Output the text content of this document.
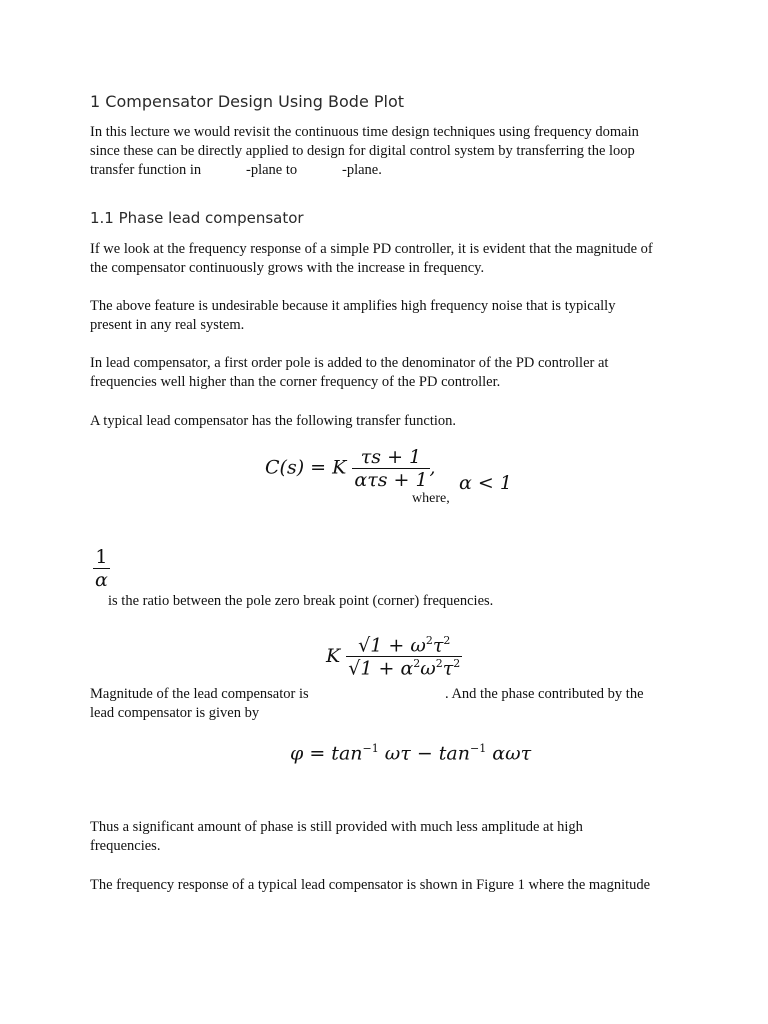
1 Compensator Design Using Bode Plot
In this lecture we would revisit the continuous time design techniques using frequency domain
since these can be directly applied to design for digital control system by transferring the loop
transfer function in	-plane to	-plane.
1.1 Phase lead compensator
If we look at the frequency response of a simple PD controller, it is evident that the magnitude of
the compensator continuously grows with the increase in frequency.
The above feature is undesirable because it amplifies high frequency noise that is typically
present in any real system.
In lead compensator, a first order pole is added to the denominator of the PD controller at
frequencies well higher than the corner frequency of the PD controller.
A typical lead compensator has the following transfer function.
C(s) = K $\frac{\tau s + 1}{\text{ατs + 1}}$ ,
where,
α < 1
$\frac{1}{\alpha}$
is the ratio between the pole zero break point (corner) frequencies.
K $\frac{√1 + \omega^2\tau^2}{√1 + \alpha^2\omega^2\tau^2}$
Magnitude of the lead compensator is	. And the phase contributed by the
lead compensator is given by
$\varphi = \tan^{-1} \omega\tau - \tan^{-1} \alpha\omega\tau$
Thus a significant amount of phase is still provided with much less amplitude at high
frequencies.
The frequency response of a typical lead compensator is shown in Figure 1 where the magnitude
